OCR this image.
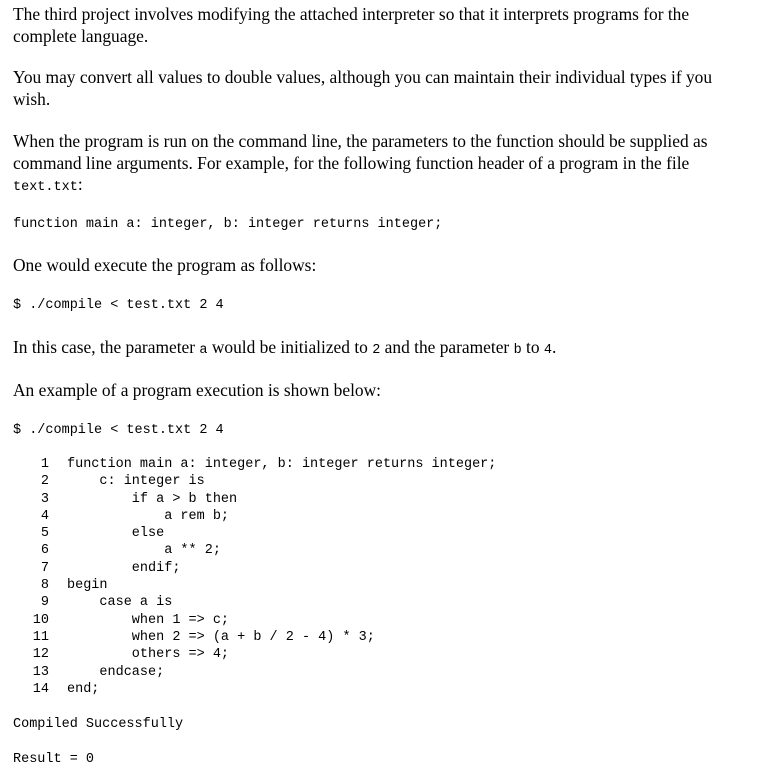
The third project involves modifying the attached interpreter so that it interprets programs for the complete language.

You may convert all values to double values, although you can maintain their individual types if you wish.

When the program is run on the command line, the parameters to the function should be supplied as command line arguments. For example, for the following function header of a program in the file text.txt:

function main a: integer, b: integer returns integer;

One would execute the program as follows:

$ ./compile < test.txt 2 4

In this case, the parameter a would be initialized to 2 and the parameter b to 4.

An example of a program execution is shown below:

$ ./compile < test.txt 2 4
1	function main a: integer, b: integer returns integer;
2	c: integer is
3	if a > b then
4	a rem b;
5	else
6	a ** 2;
7	endif;
8	begin
9	case a is
10	when 1 => c;
11	when 2 => (a + b / 2 - 4) * 3;
12	others => 4;
13	endcase;
14	end;
Compiled Successfully
Result = 0
